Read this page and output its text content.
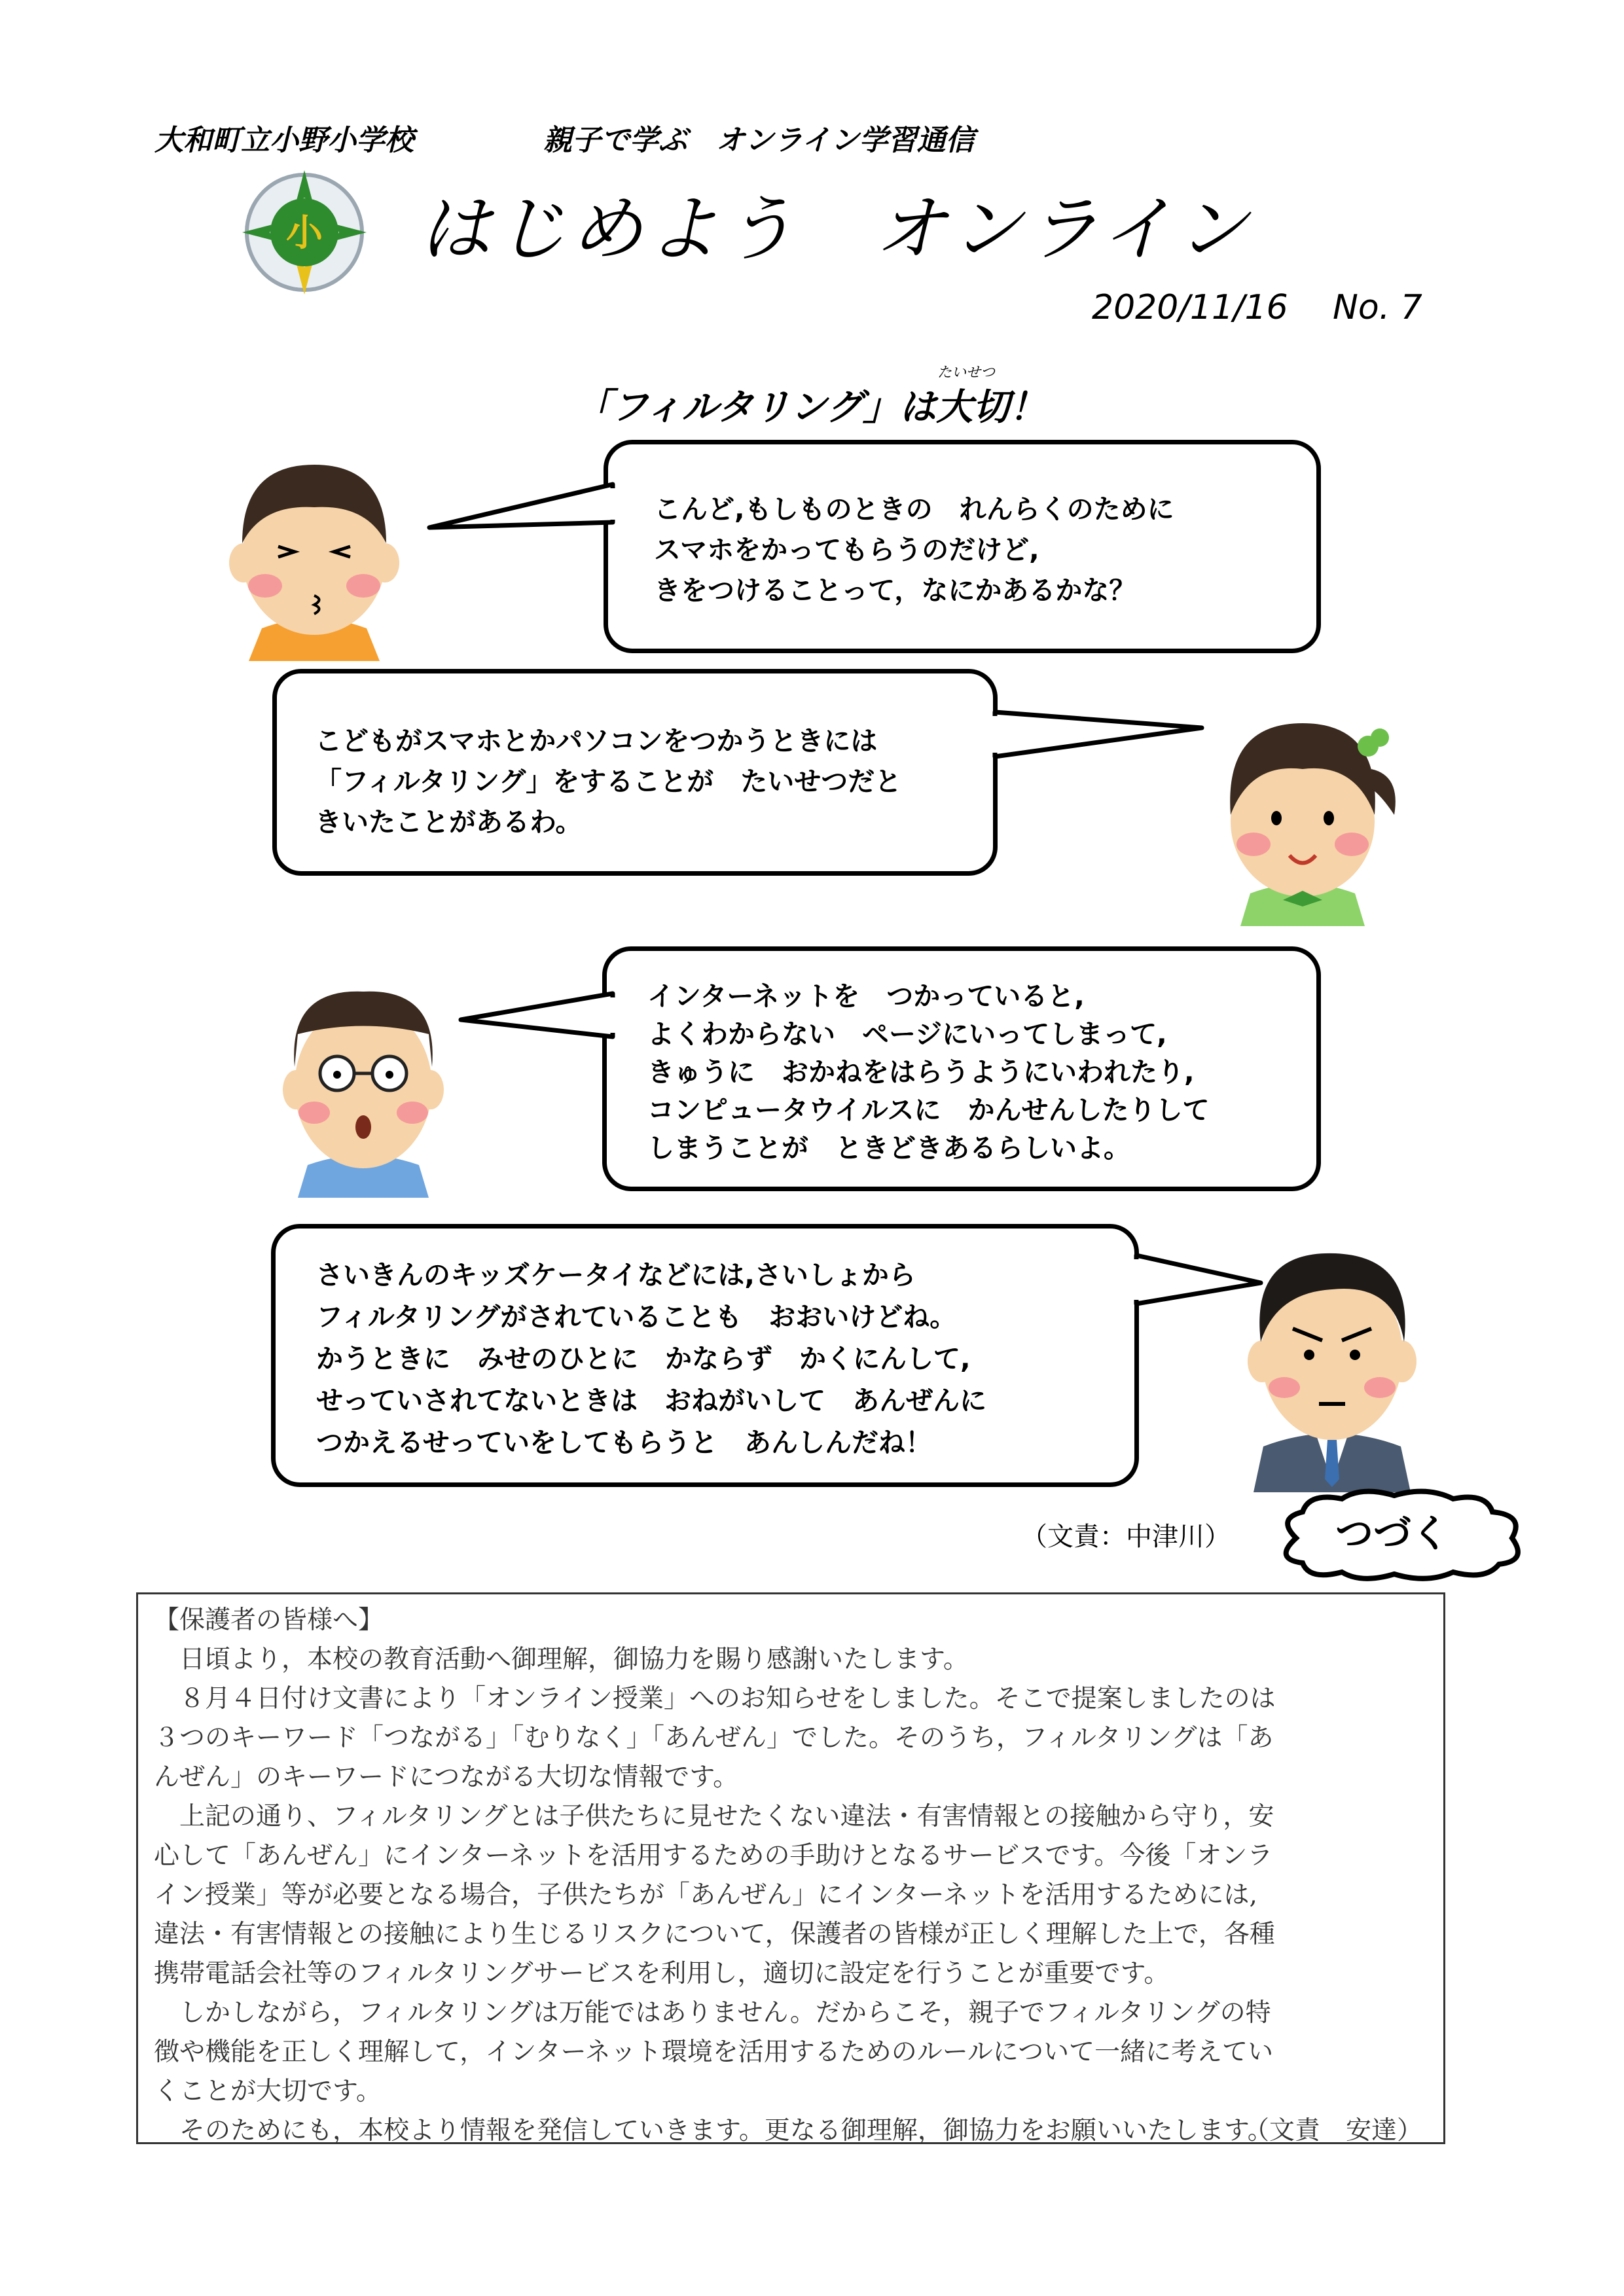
大和町立小野小学校	親子で学ぶ　オンライン学習通信
小 はじめよう　オンライン
2020/11/16 No. 7
たいせつ
「フィルタリング」は大切！
こんど,もしものときの　れんらくのために
スマホをかってもらうのだけど,
きをつけることって，なにかあるかな？
こどもがスマホとかパソコンをつかうときには
「フィルタリング」をすることが　たいせつだと
きいたことがあるわ。
インターネットを　つかっていると,
よくわからない　ページにいってしまって,
きゅうに　おかねをはらうようにいわれたり,
コンピュータウイルスに　かんせんしたりして
しまうことが　ときどきあるらしいよ。
さいきんのキッズケータイなどには,さいしょから
フィルタリングがされていることも　おおいけどね。
かうときに　みせのひとに　かならず　かくにんして,
せっていされてないときは　おねがいして　あんぜんに
つかえるせっていをしてもらうと　あんしんだね！
（文責：中津川）	つづく
【保護者の皆様へ】
　日頃より，本校の教育活動へ御理解，御協力を賜り感謝いたします。
　８月４日付け文書により「オンライン授業」へのお知らせをしました。そこで提案しましたのは
３つのキーワード「つながる」「むりなく」「あんぜん」でした。そのうち，フィルタリングは「あ
んぜん」のキーワードにつながる大切な情報です。
　上記の通り、フィルタリングとは子供たちに見せたくない違法・有害情報との接触から守り，安
心して「あんぜん」にインターネットを活用するための手助けとなるサービスです。今後「オンラ
イン授業」等が必要となる場合，子供たちが「あんぜん」にインターネットを活用するためには,
違法・有害情報との接触により生じるリスクについて，保護者の皆様が正しく理解した上で，各種
携帯電話会社等のフィルタリングサービスを利用し，適切に設定を行うことが重要です。
　しかしながら，フィルタリングは万能ではありません。だからこそ，親子でフィルタリングの特
徴や機能を正しく理解して，インターネット環境を活用するためのルールについて一緒に考えてい
くことが大切です。
　そのためにも，本校より情報を発信していきます。更なる御理解，御協力をお願いいたします。
（文責　安達）
